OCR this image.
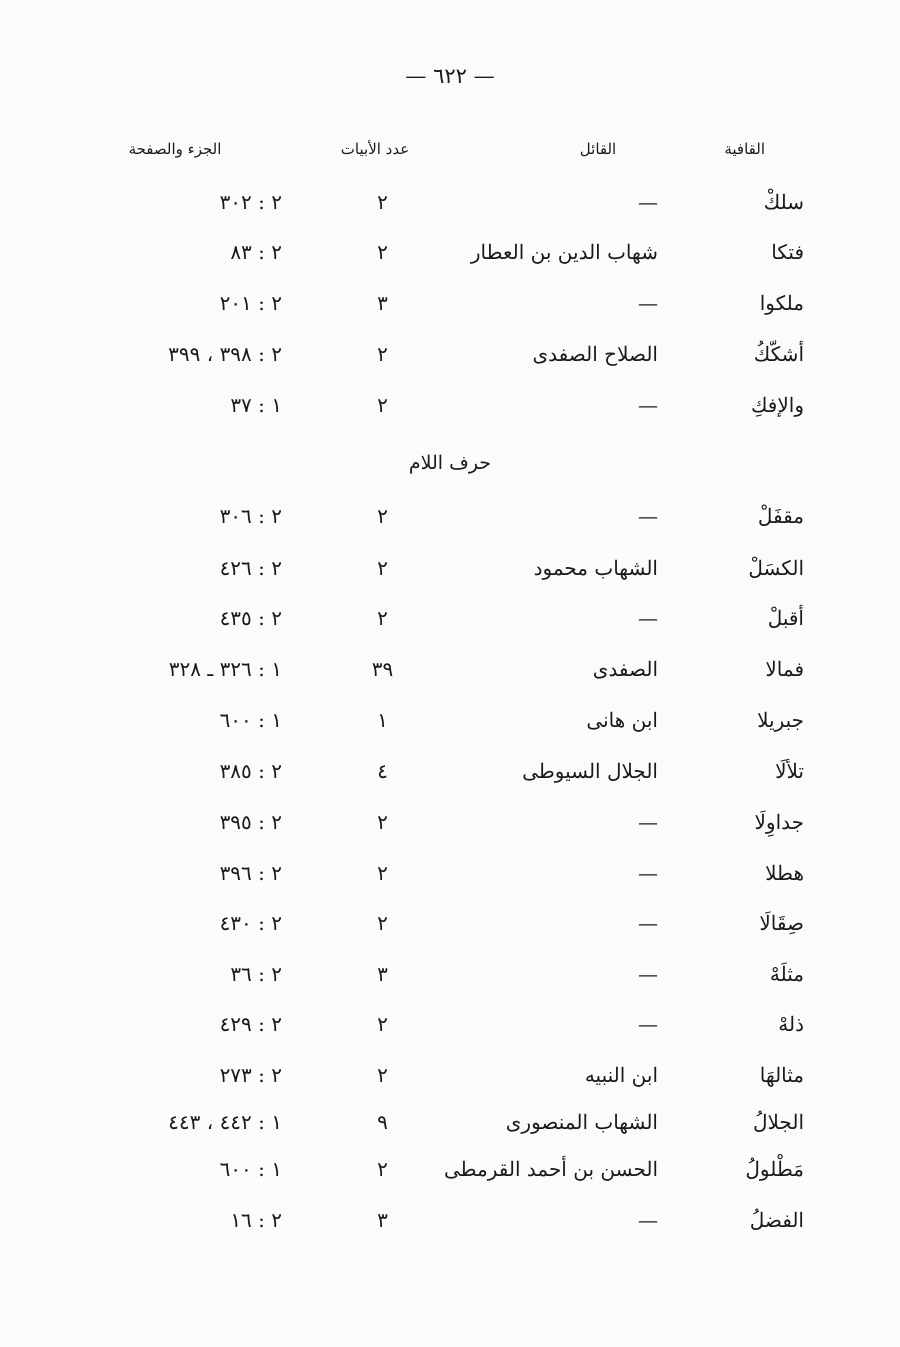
— ٦٢٢ —
القافية
القائل
عدد الأبيات
الجزء والصفحة
سلكْ
—
٢
٢ : ٣٠٢
فتكا
شهاب الدين بن العطار
٢
٢ : ٨٣
ملكوا
—
٣
٢ : ٢٠١
أشكّكُ
الصلاح الصفدى
٢
٢ : ٣٩٨ ، ٣٩٩
والإفكِ
—
٢
١ : ٣٧
حرف اللام
مقفَلْ
—
٢
٢ : ٣٠٦
الكسَلْ
الشهاب محمود
٢
٢ : ٤٢٦
أقبلْ
—
٢
٢ : ٤٣٥
فمالا
الصفدى
٣٩
١ : ٣٢٦ ـ ٣٢٨
جبريلا
ابن هانى
١
١ : ٦٠٠
تلألَا
الجلال السيوطى
٤
٢ : ٣٨٥
جداوِلَا
—
٢
٢ : ٣٩٥
هطلا
—
٢
٢ : ٣٩٦
صِقَالَا
—
٢
٢ : ٤٣٠
مثلَهْ
—
٣
٢ : ٣٦
ذلهْ
—
٢
٢ : ٤٢٩
مثالهَا
ابن النبيه
٢
٢ : ٢٧٣
الجلالُ
الشهاب المنصورى
٩
١ : ٤٤٢ ، ٤٤٣
مَطْلولُ
الحسن بن أحمد القرمطى
٢
١ : ٦٠٠
الفضلُ
—
٣
٢ : ١٦
